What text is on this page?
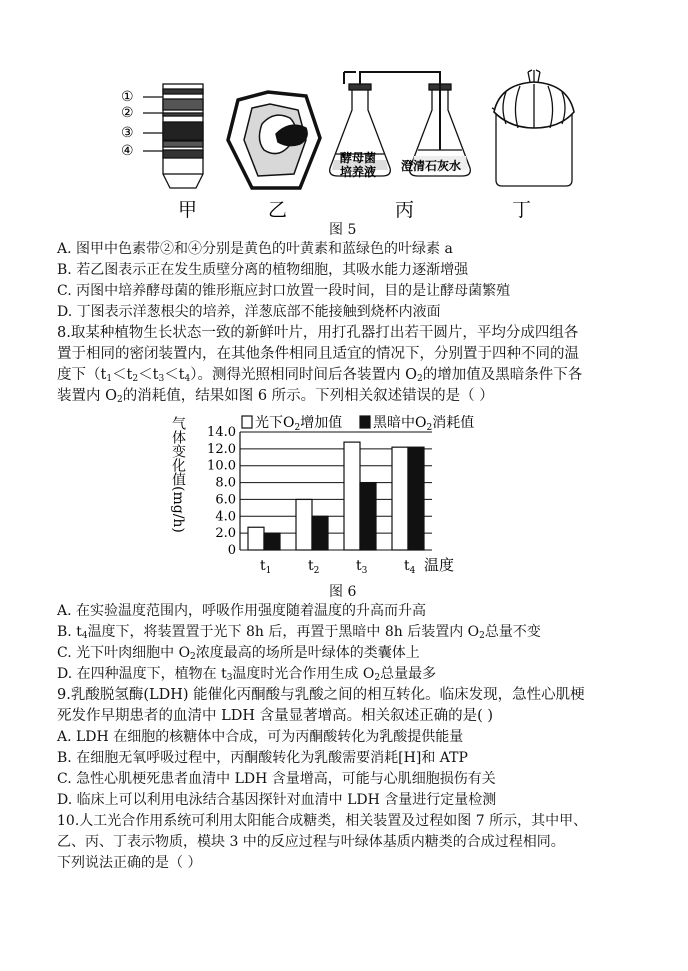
①
②
③
④	酵母菌
培养液 澄清石灰水
甲	乙	丙	丁
图 5
A. 图甲中色素带②和④分别是黄色的叶黄素和蓝绿色的叶绿素 a
B. 若乙图表示正在发生质壁分离的植物细胞，其吸水能力逐渐增强
C. 丙图中培养酵母菌的锥形瓶应封口放置一段时间，目的是让酵母菌繁殖
D. 丁图表示洋葱根尖的培养，洋葱底部不能接触到烧杯内液面
8.取某种植物生长状态一致的新鲜叶片，用打孔器打出若干圆片，平均分成四组各
置于相同的密闭装置内，在其他条件相同且适宜的情况下，分别置于四种不同的温
度下$(t_1<t_2<t_3<t_4)$。测得光照相同时间后各装置内 $O_2$的增加值及黑暗条件下各
装置内 $O_2$的消耗值，结果如图 6 所示。下列相关叙述错误的是（ ）
气体变化值(mg/h)
0
2.0
4.0
6.0
8.0
10.0
12.0
14.0
$t_1$	$t_2$	$t_3$	$t_4$ 温度
光下$O_2$增加值 黑暗中$O_2$消耗值
图 6
A. 在实验温度范围内，呼吸作用强度随着温度的升高而升高
B. $t_4$温度下，将装置置于光下 8h 后，再置于黑暗中 8h 后装置内 $O_2$总量不变
C. 光下叶肉细胞中 $O_2$浓度最高的场所是叶绿体的类囊体上
D. 在四种温度下，植物在 $t_3$温度时光合作用生成 $O_2$总量最多
9.乳酸脱氢酶(LDH) 能催化丙酮酸与乳酸之间的相互转化。临床发现，急性心肌梗
死发作早期患者的血清中 LDH 含量显著增高。相关叙述正确的是( )
A. LDH 在细胞的核糖体中合成，可为丙酮酸转化为乳酸提供能量
B. 在细胞无氧呼吸过程中，丙酮酸转化为乳酸需要消耗[H]和 ATP
C. 急性心肌梗死患者血清中 LDH 含量增高，可能与心肌细胞损伤有关
D. 临床上可以利用电泳结合基因探针对血清中 LDH 含量进行定量检测
10.人工光合作用系统可利用太阳能合成糖类，相关装置及过程如图 7 所示，其中甲、
乙、丙、丁表示物质，模块 3 中的反应过程与叶绿体基质内糖类的合成过程相同。
下列说法正确的是（ ）
